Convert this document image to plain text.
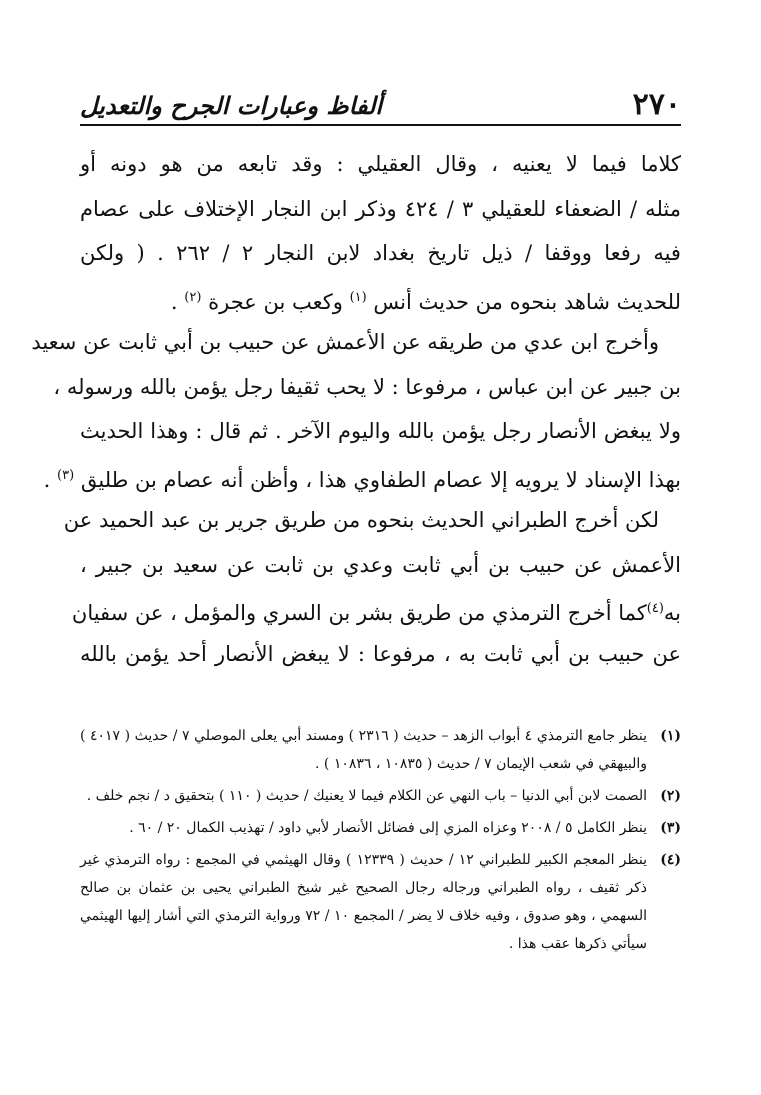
٢٧٠
ألفاظ وعبارات الجرح والتعديل
كلاما فيما لا يعنيه ، وقال العقيلي : وقد تابعه من هو دونه أو
مثله / الضعفاء للعقيلي ٣ / ٤٢٤ وذكر ابن النجار الإختلاف على عصام
فيه رفعا ووقفا / ذيل تاريخ بغداد لابن النجار ٢ / ٢٦٢ . ( ولكن
للحديث شاهد بنحوه من حديث أنس $^{(١)}$ وكعب بن عجرة $^{(٢)}$ .
وأخرج ابن عدي من طريقه عن الأعمش عن حبيب بن أبي ثابت عن سعيد
بن جبير عن ابن عباس ، مرفوعا : لا يحب ثقيفا رجل يؤمن بالله ورسوله ،
ولا يبغض الأنصار رجل يؤمن بالله واليوم الآخر . ثم قال : وهذا الحديث
بهذا الإسناد لا يرويه إلا عصام الطفاوي هذا ، وأظن أنه عصام بن طليق $^{(٣)}$ .
لكن أخرج الطبراني الحديث بنحوه من طريق جرير بن عبد الحميد عن
الأعمش عن حبيب بن أبي ثابت وعدي بن ثابت عن سعيد بن جبير ،
به$^{(٤)}$كما أخرج الترمذي من طريق بشر بن السري والمؤمل ، عن سفيان
عن حبيب بن أبي ثابت به ، مرفوعا : لا يبغض الأنصار أحد يؤمن بالله
(١)
ينظر جامع الترمذي ٤ أبواب الزهد – حديث ( ٢٣١٦ ) ومسند أبي يعلى الموصلي ٧ / حديث ( ٤٠١٧ ) والبيهقي في شعب الإيمان ٧ / حديث ( ١٠٨٣٥ ، ١٠٨٣٦ ) .
(٢)
الصمت لابن أبي الدنيا – باب النهي عن الكلام فيما لا يعنيك / حديث ( ١١٠ ) بتحقيق د / نجم خلف .
(٣)
ينظر الكامل ٥ / ٢٠٠٨ وعزاه المزي إلى فضائل الأنصار لأبي داود / تهذيب الكمال ٢٠ / ٦٠ .
(٤)
ينظر المعجم الكبير للطبراني ١٢ / حديث ( ١٢٣٣٩ ) وقال الهيثمي في المجمع : رواه الترمذي غير ذكر ثقيف ، رواه الطبراني ورجاله رجال الصحيح غير شيخ الطبراني يحيى بن عثمان بن صالح السهمي ، وهو صدوق ، وفيه خلاف لا يضر / المجمع ١٠ / ٧٢ ورواية الترمذي التي أشار إليها الهيثمي سيأتي ذكرها عقب هذا .
